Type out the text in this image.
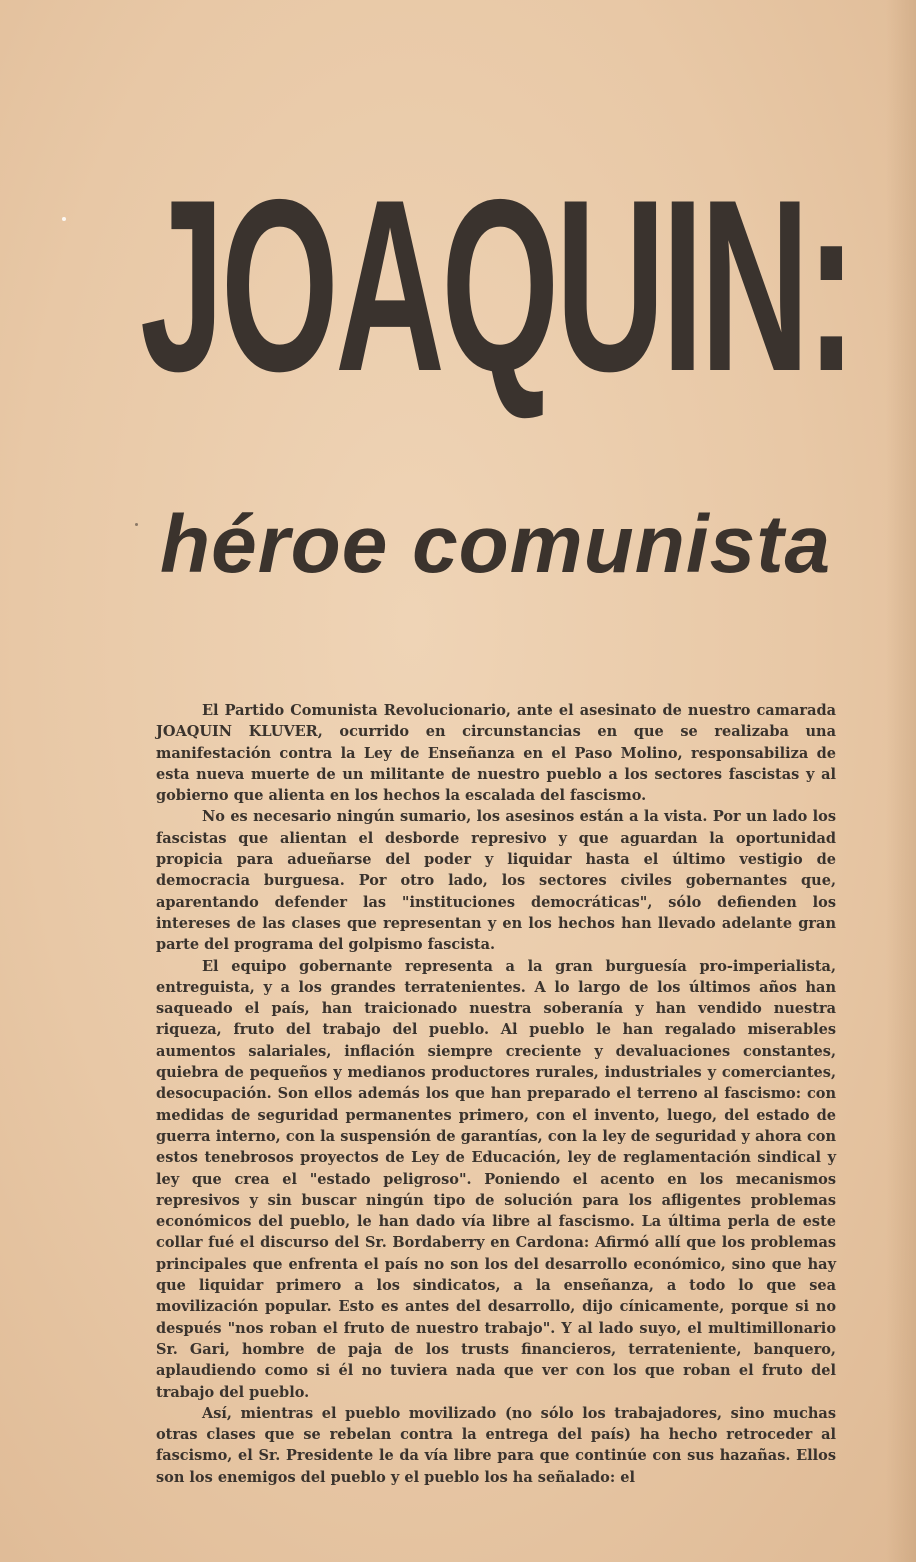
JOAQUIN:
héroe comunista

El Partido Comunista Revolucionario, ante el asesinato de nuestro camarada JOAQUIN KLUVER, ocurrido en circunstancias en que se realizaba una manifestación contra la Ley de Enseñanza en el Paso Molino, responsabiliza de esta nueva muerte de un militante de nuestro pueblo a los sectores fascistas y al gobierno que alienta en los hechos la escalada del fascismo.

No es necesario ningún sumario, los asesinos están a la vista. Por un lado los fascistas que alientan el desborde represivo y que aguardan la oportunidad propicia para adueñarse del poder y liquidar hasta el último vestigio de democracia burguesa. Por otro lado, los sectores civiles gobernantes que, aparentando defender las "instituciones democráticas", sólo defienden los intereses de las clases que representan y en los hechos han llevado adelante gran parte del programa del golpismo fascista.

El equipo gobernante representa a la gran burguesía pro-imperialista, entreguista, y a los grandes terratenientes. A lo largo de los últimos años han saqueado el país, han traicionado nuestra soberanía y han vendido nuestra riqueza, fruto del trabajo del pueblo. Al pueblo le han regalado miserables aumentos salariales, inflación siempre creciente y devaluaciones constantes, quiebra de pequeños y medianos productores rurales, industriales y comerciantes, desocupación. Son ellos además los que han preparado el terreno al fascismo: con medidas de seguridad permanentes primero, con el invento, luego, del estado de guerra interno, con la suspensión de garantías, con la ley de seguridad y ahora con estos tenebrosos proyectos de Ley de Educación, ley de reglamentación sindical y ley que crea el "estado peligroso". Poniendo el acento en los mecanismos represivos y sin buscar ningún tipo de solución para los afligentes problemas económicos del pueblo, le han dado vía libre al fascismo. La última perla de este collar fué el discurso del Sr. Bordaberry en Cardona: Afirmó allí que los problemas principales que enfrenta el país no son los del desarrollo económico, sino que hay que liquidar primero a los sindicatos, a la enseñanza, a todo lo que sea movilización popular. Esto es antes del desarrollo, dijo cínicamente, porque si no después "nos roban el fruto de nuestro trabajo". Y al lado suyo, el multimillonario Sr. Gari, hombre de paja de los trusts financieros, terrateniente, banquero, aplaudiendo como si él no tuviera nada que ver con los que roban el fruto del trabajo del pueblo.

Así, mientras el pueblo movilizado (no sólo los trabajadores, sino muchas otras clases que se rebelan contra la entrega del país) ha hecho retroceder al fascismo, el Sr. Presidente le da vía libre para que continúe con sus hazañas. Ellos son los enemigos del pueblo y el pueblo los ha señalado: el
